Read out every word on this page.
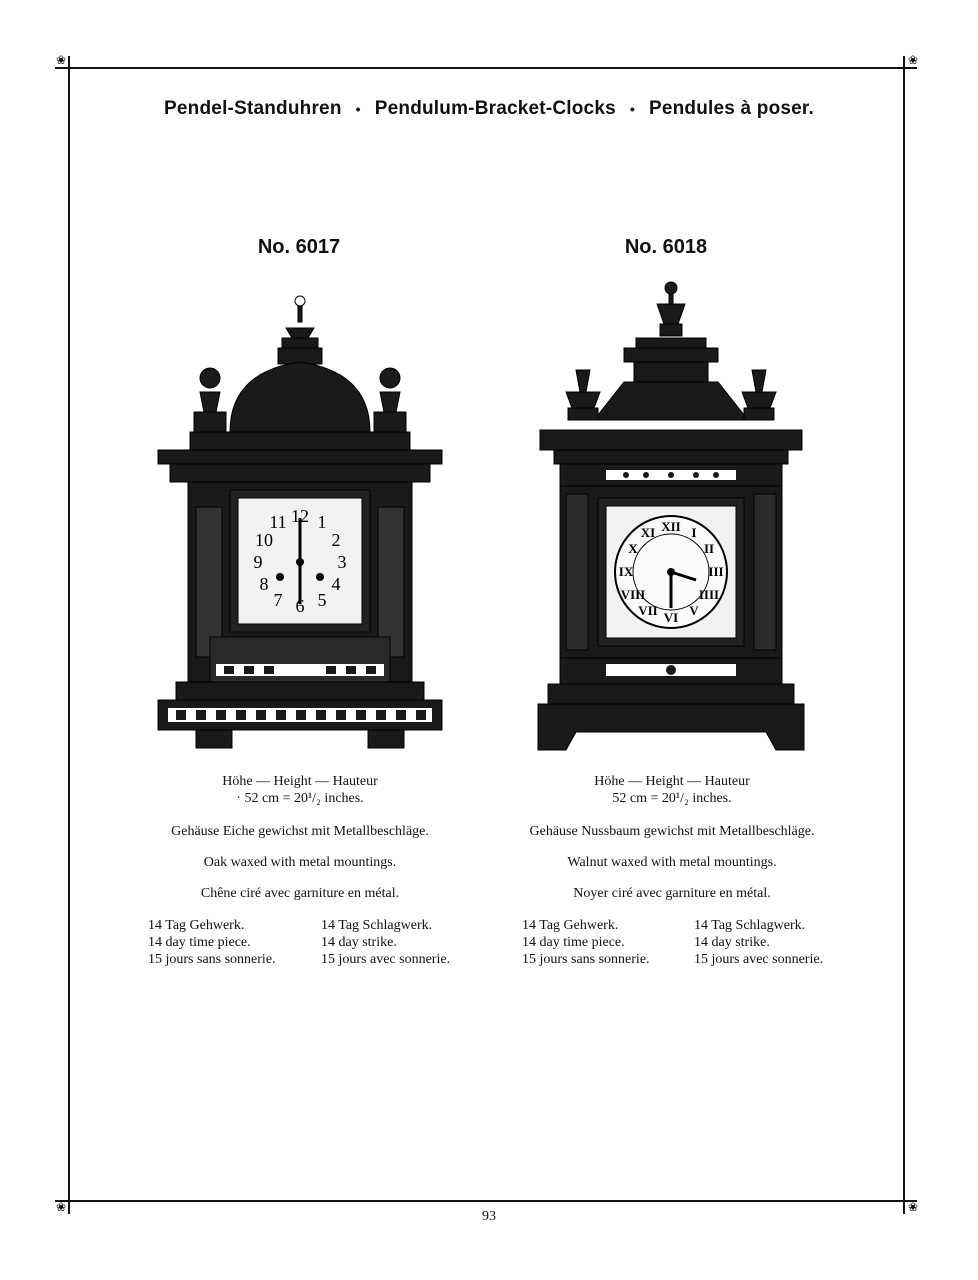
❀	❀
❀	❀
Pendel-Standuhren • Pendulum-Bracket-Clocks • Pendules à poser.
No. 6017	No. 6018
12 1
2
3
4
5
6
7
8
9
10
11	XII I
II
III
IIII
V
VI
VII
VIII
IX
X
XI

Höhe — Height — Hauteur

· 52 cm = 20¹/₂ inches.

Gehäuse Eiche gewichst mit Metallbeschläge.

Oak waxed with metal mountings.

Chêne ciré avec garniture en métal.

Höhe — Height — Hauteur

52 cm = 20¹/₂ inches.

Gehäuse Nussbaum gewichst mit Metallbeschläge.

Walnut waxed with metal mountings.

Noyer ciré avec garniture en métal.

14 Tag Gehwerk.
14 day time piece.
15 jours sans sonnerie.
14 Tag Schlagwerk.
14 day strike.
15 jours avec sonnerie.
14 Tag Gehwerk.
14 day time piece.
15 jours sans sonnerie.
14 Tag Schlagwerk.
14 day strike.
15 jours avec sonnerie.
93
